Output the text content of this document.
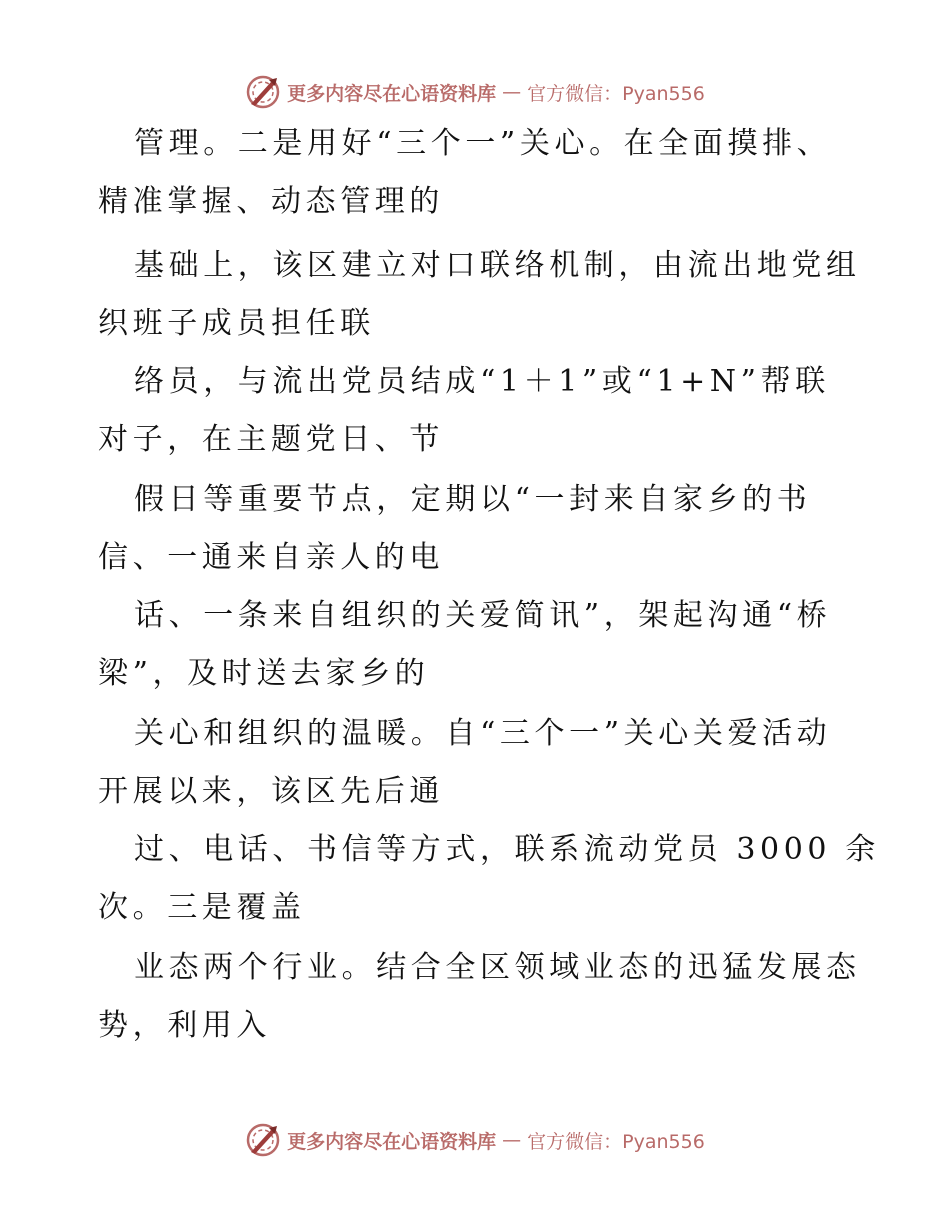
更多内容尽在心语资料库 — 官方微信：Pyan556
管理。二是用好“三个一”关心。在全面摸排、
精准掌握、动态管理的
基础上，该区建立对口联络机制，由流出地党组
织班子成员担任联
络员，与流出党员结成“1＋1”或“1+N”帮联
对子，在主题党日、节
假日等重要节点，定期以“一封来自家乡的书
信、一通来自亲人的电
话、一条来自组织的关爱简讯”，架起沟通“桥
梁”，及时送去家乡的
关心和组织的温暖。自“三个一”关心关爱活动
开展以来，该区先后通
过、电话、书信等方式，联系流动党员 3000 余
次。三是覆盖
业态两个行业。结合全区领域业态的迅猛发展态
势，利用入
更多内容尽在心语资料库 — 官方微信：Pyan556
